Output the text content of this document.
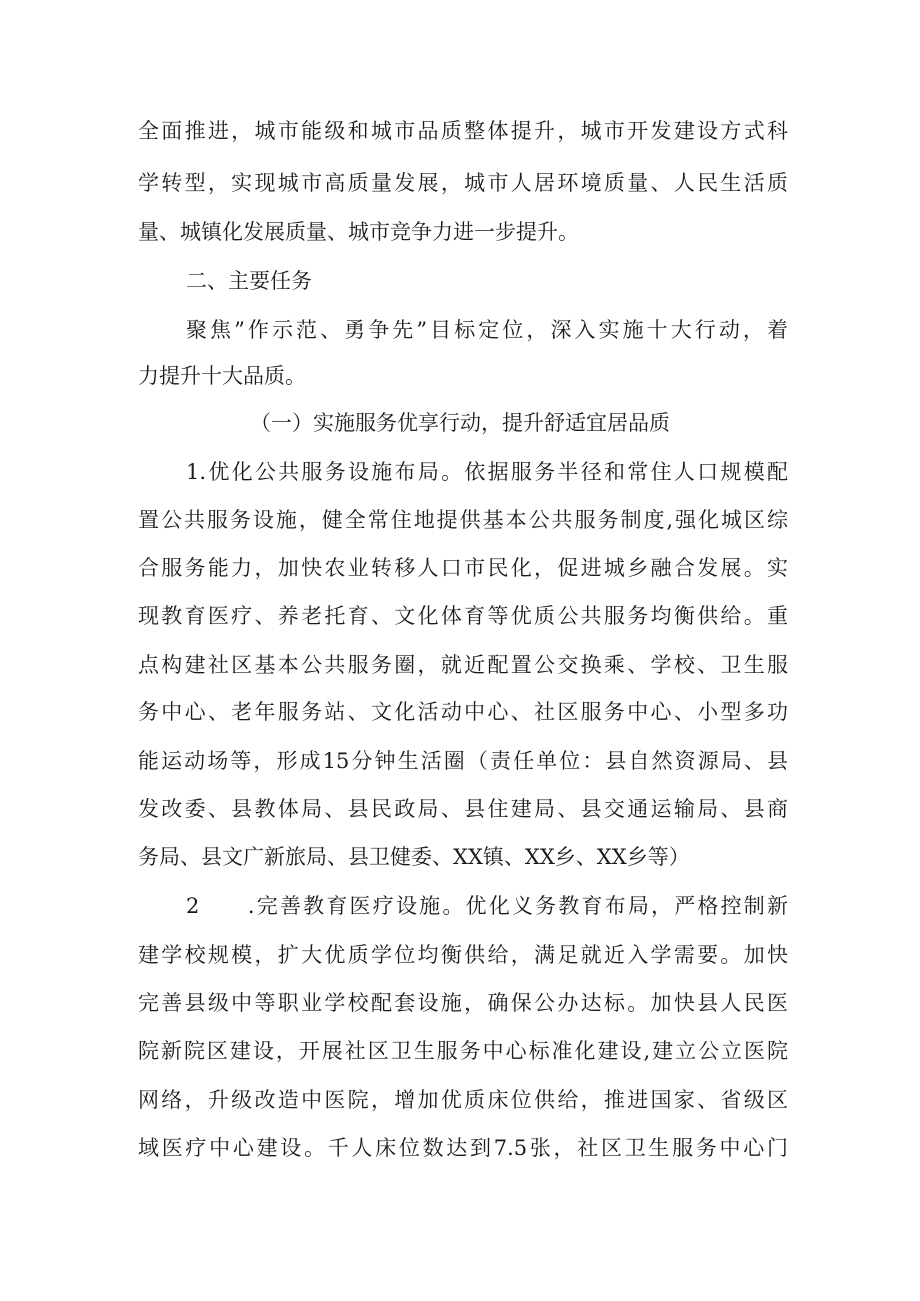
全面推进，城市能级和城市品质整体提升，城市开发建设方式科
学转型，实现城市高质量发展，城市人居环境质量、人民生活质
量、城镇化发展质量、城市竞争力进一步提升。
二、主要任务
聚焦”作示范、勇争先”目标定位，深入实施十大行动，着
力提升十大品质。
（一）实施服务优享行动，提升舒适宜居品质
1.优化公共服务设施布局。依据服务半径和常住人口规模配
置公共服务设施，健全常住地提供基本公共服务制度,强化城区综
合服务能力，加快农业转移人口市民化，促进城乡融合发展。实
现教育医疗、养老托育、文化体育等优质公共服务均衡供给。重
点构建社区基本公共服务圈，就近配置公交换乘、学校、卫生服
务中心、老年服务站、文化活动中心、社区服务中心、小型多功
能运动场等，形成15分钟生活圈（责任单位：县自然资源局、县
发改委、县教体局、县民政局、县住建局、县交通运输局、县商
务局、县文广新旅局、县卫健委、XX镇、XX乡、XX乡等）
2　　.完善教育医疗设施。优化义务教育布局，严格控制新
建学校规模，扩大优质学位均衡供给，满足就近入学需要。加快
完善县级中等职业学校配套设施，确保公办达标。加快县人民医
院新院区建设，开展社区卫生服务中心标准化建设,建立公立医院
网络，升级改造中医院，增加优质床位供给，推进国家、省级区
域医疗中心建设。千人床位数达到7.5张，社区卫生服务中心门
